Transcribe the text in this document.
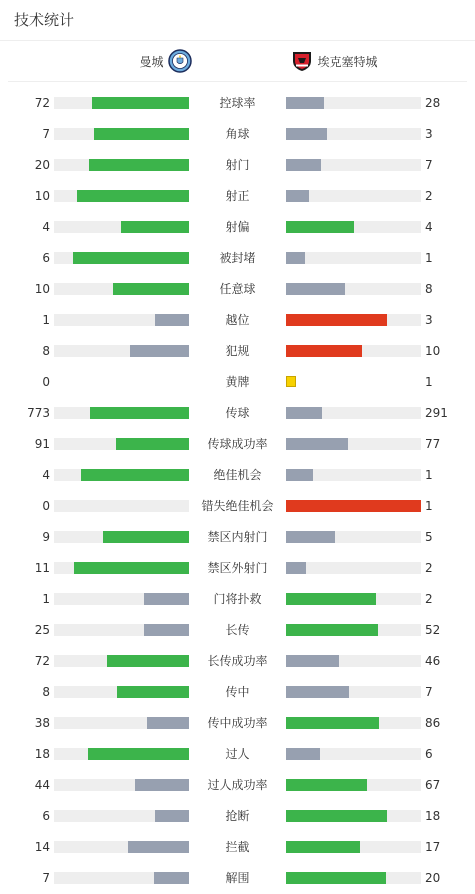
技术统计
曼城	埃克塞特城
72	控球率	28
7	角球	3
20	射门	7
10	射正	2
4	射偏	4
6	被封堵	1
10	任意球	8
1	越位	3
8	犯规	10
0	黄牌	1
773	传球	291
91	传球成功率	77
4	绝佳机会	1
0	错失绝佳机会	1
9	禁区内射门	5
11	禁区外射门	2
1	门将扑救	2
25	长传	52
72	长传成功率	46
8	传中	7
38	传中成功率	86
18	过人	6
44	过人成功率	67
6	抢断	18
14	拦截	17
7	解围	20
